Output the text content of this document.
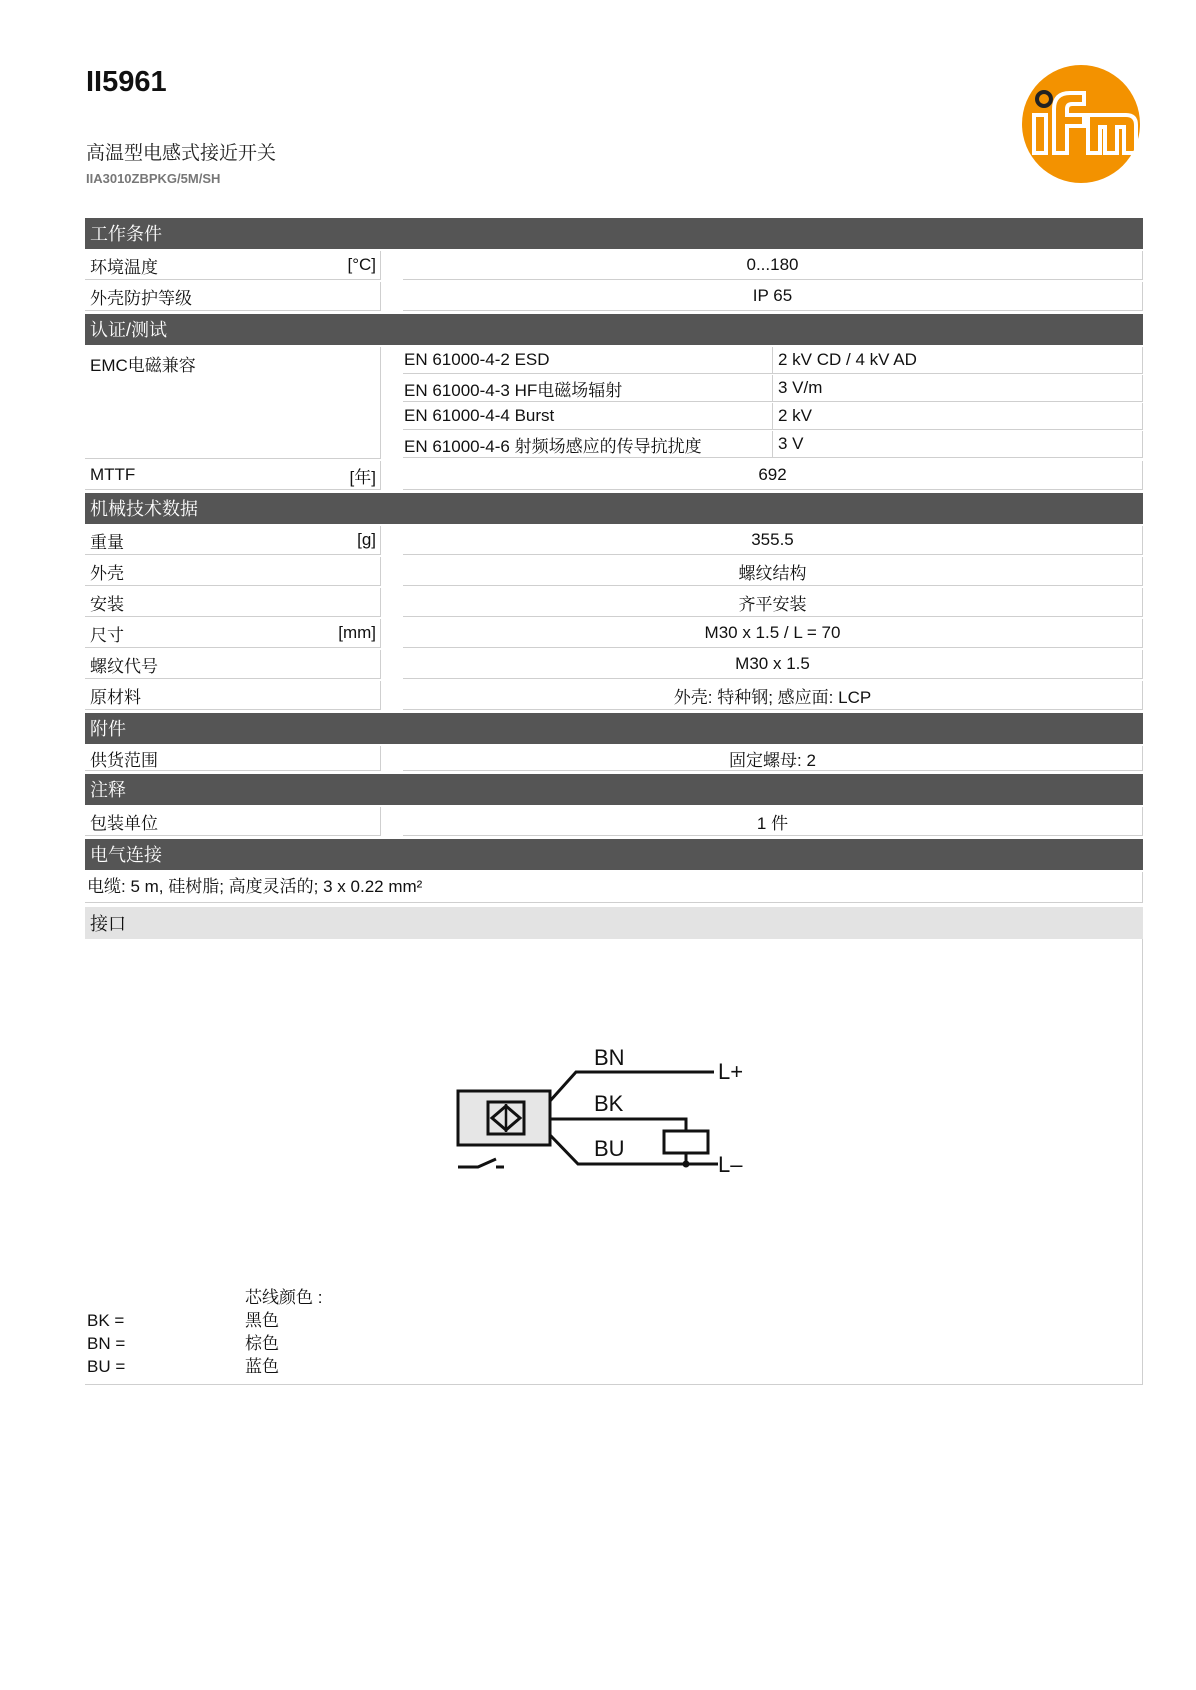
II5961
高温型电感式接近开关
IIA3010ZBPKG/5M/SH
工作条件
环境温度	[°C]	0...180
外壳防护等级	IP 65
认证/测试
EMC电磁兼容	EN 61000-4-2 ESD	2 kV CD / 4 kV AD
EN 61000-4-3 HF电磁场辐射	3 V/m
EN 61000-4-4 Burst	2 kV
EN 61000-4-6 射频场感应的传导抗扰度	3 V
MTTF	[年]	692
机械技术数据
重量	[g]	355.5
外壳	螺纹结构
安装	齐平安装
尺寸	[mm]	M30 x 1.5 / L = 70
螺纹代号	M30 x 1.5
原材料	外壳: 特种钢; 感应面: LCP
附件
供货范围	固定螺母: 2
注释
包装单位	1 件
电气连接
电缆: 5 m, 硅树脂; 高度灵活的; 3 x 0.22 mm²
接口
BN
BK
BU
L+
L–
芯线颜色 :
BK =	黑色
BN =	棕色
BU =	蓝色
